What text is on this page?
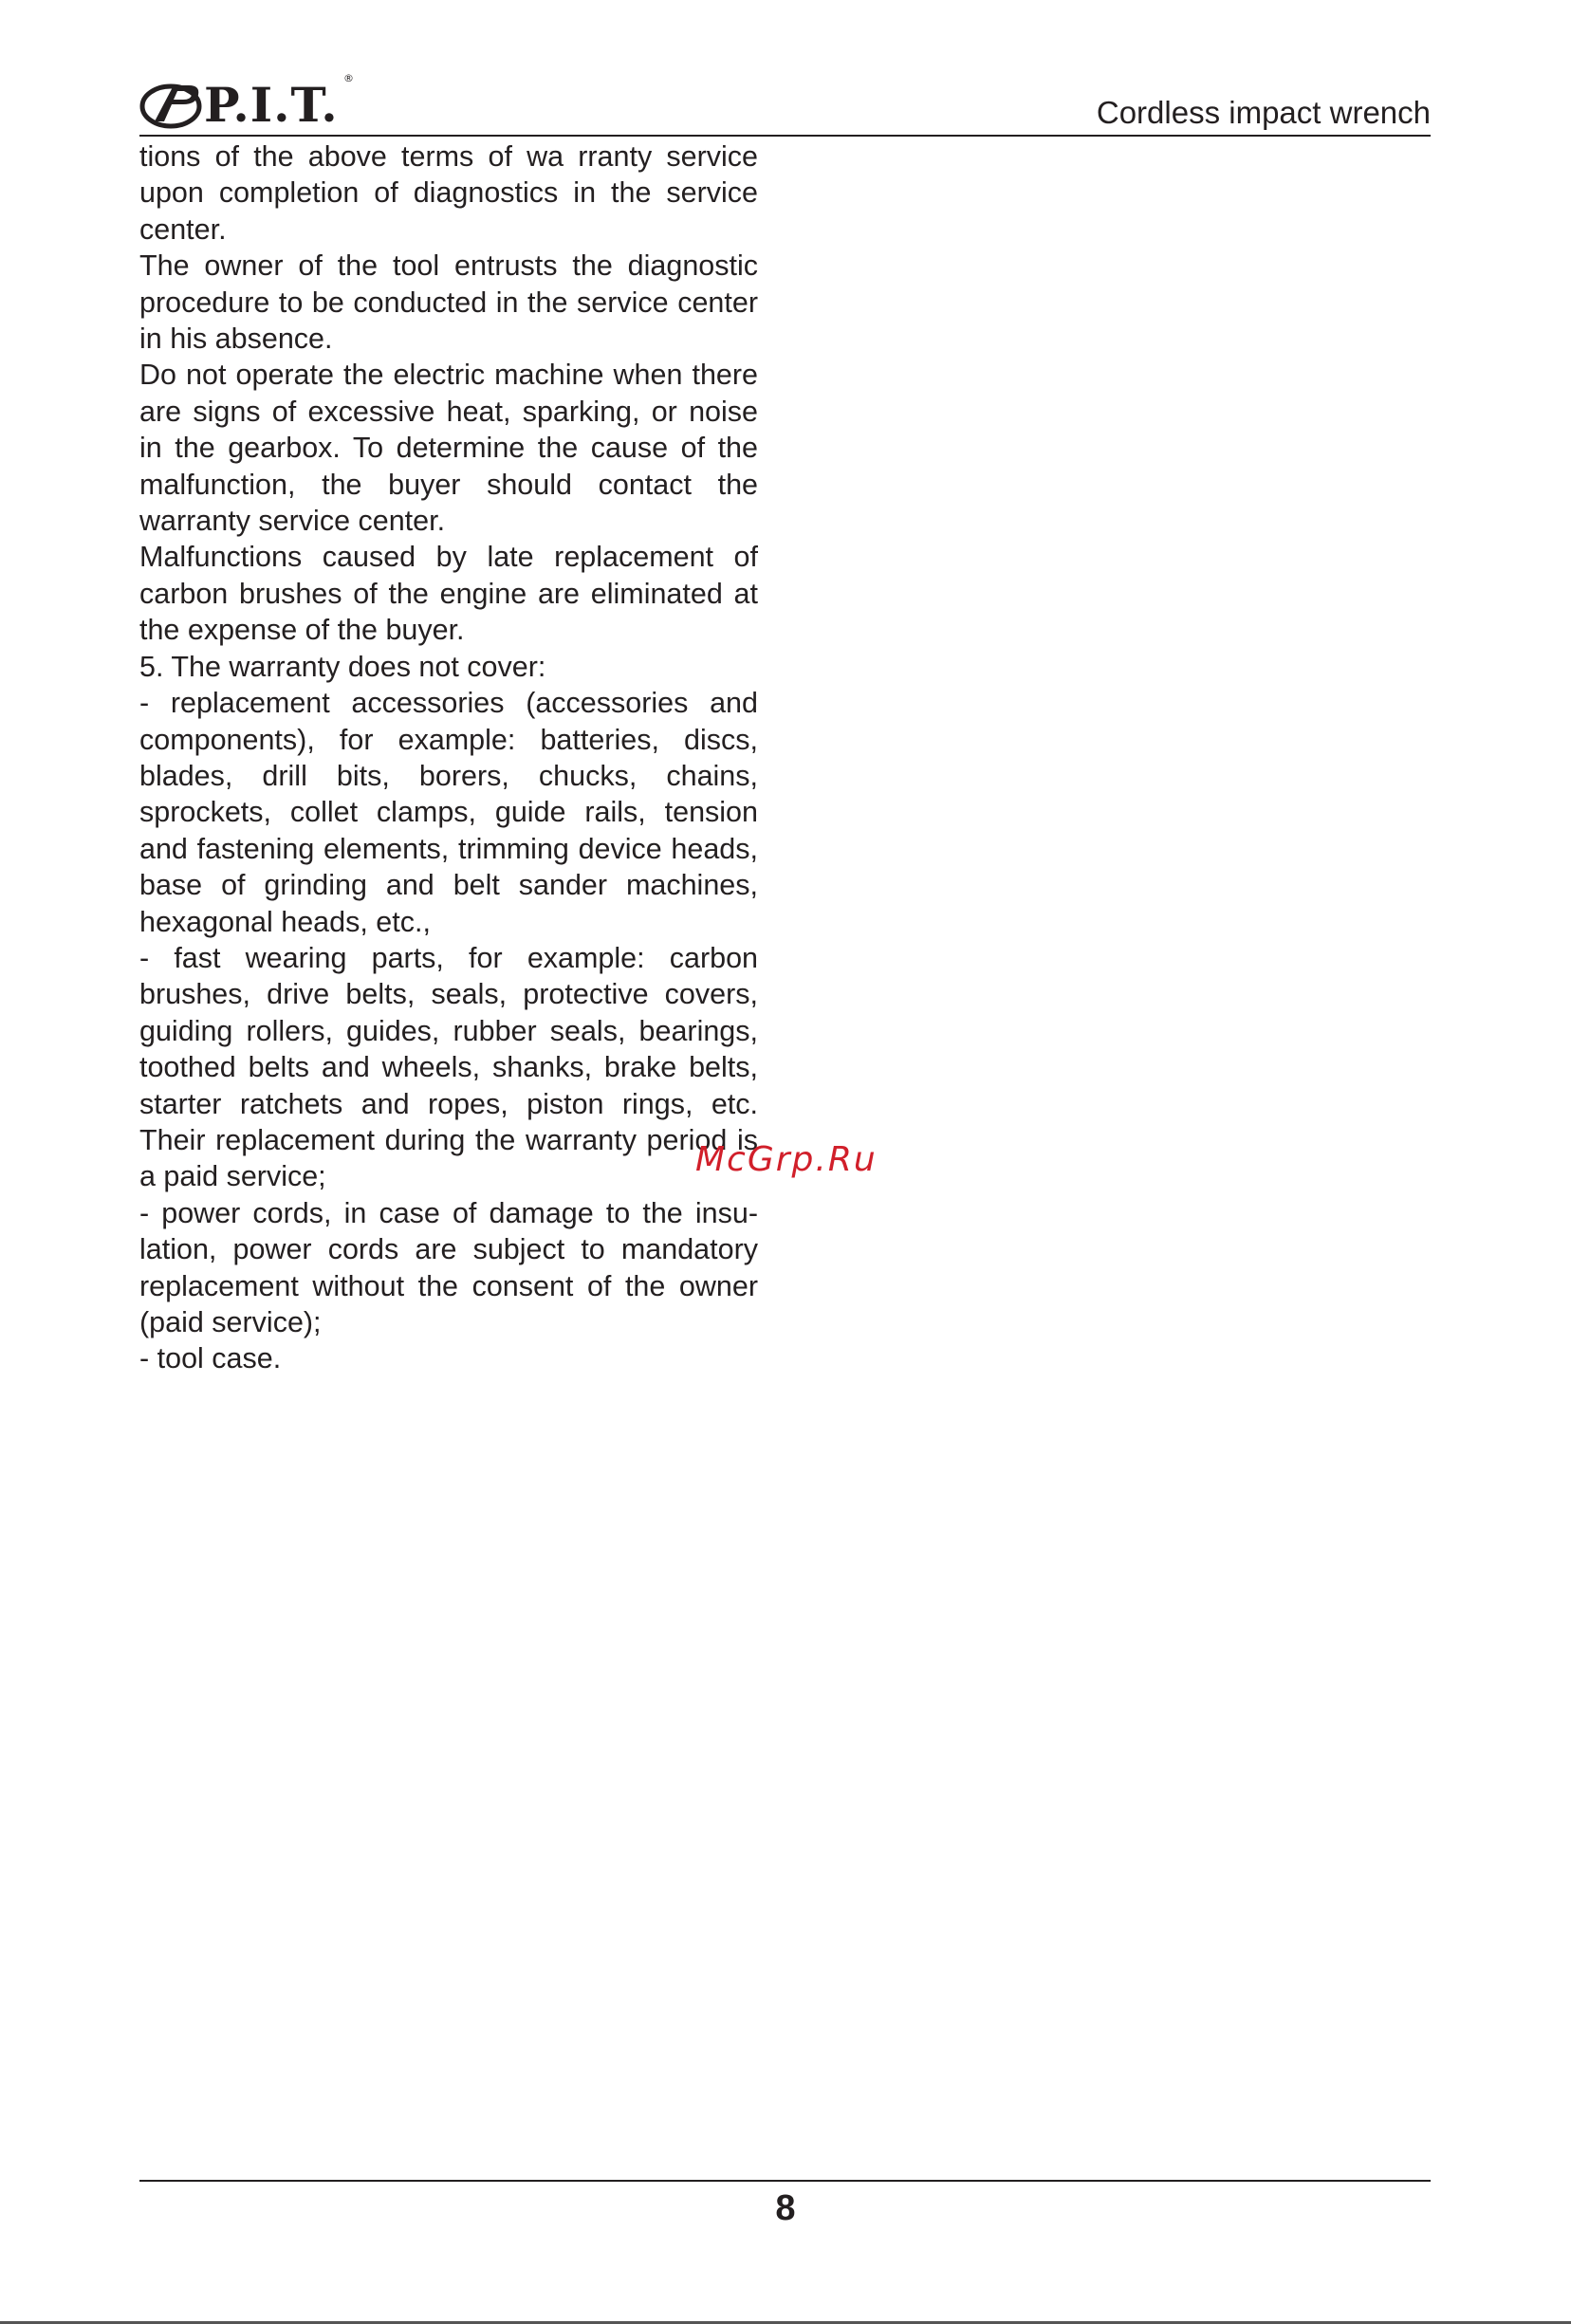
P.I.T. ®
Cordless impact wrench

tions of the above terms of wa rranty service upon completion of diagnostics in the service center.

The owner of the tool entrusts the diagnostic procedure to be conducted in the service center in his absence.

Do not operate the electric machine when there are signs of excessive heat, sparking, or noise in the gearbox. To determine the cause of the malfunction, the buyer should contact the warranty service center.

Malfunctions caused by late replacement of carbon brushes of the engine are eliminated at the expense of the buyer.

5. The warranty does not cover:

- replacement accessories (accessories and components), for example: batteries, discs, blades, drill bits, borers, chucks, chains, sprockets, collet clamps, guide rails, tension and fastening elements, trimming device heads, base of grinding and belt sander machines, hexagonal heads, etc.,

- fast wearing parts, for example: carbon brushes, drive belts, seals, protective covers, guiding rollers, guides, rubber seals, bearings, toothed belts and wheels, shanks, brake belts, starter ratchets and ropes, piston rings, etc. Their replacement during the warranty period is a paid service;

- power cords, in case of damage to the insulation, power cords are subject to mandatory replacement without the consent of the owner (paid service);

- tool case.

McGrp.Ru
8
